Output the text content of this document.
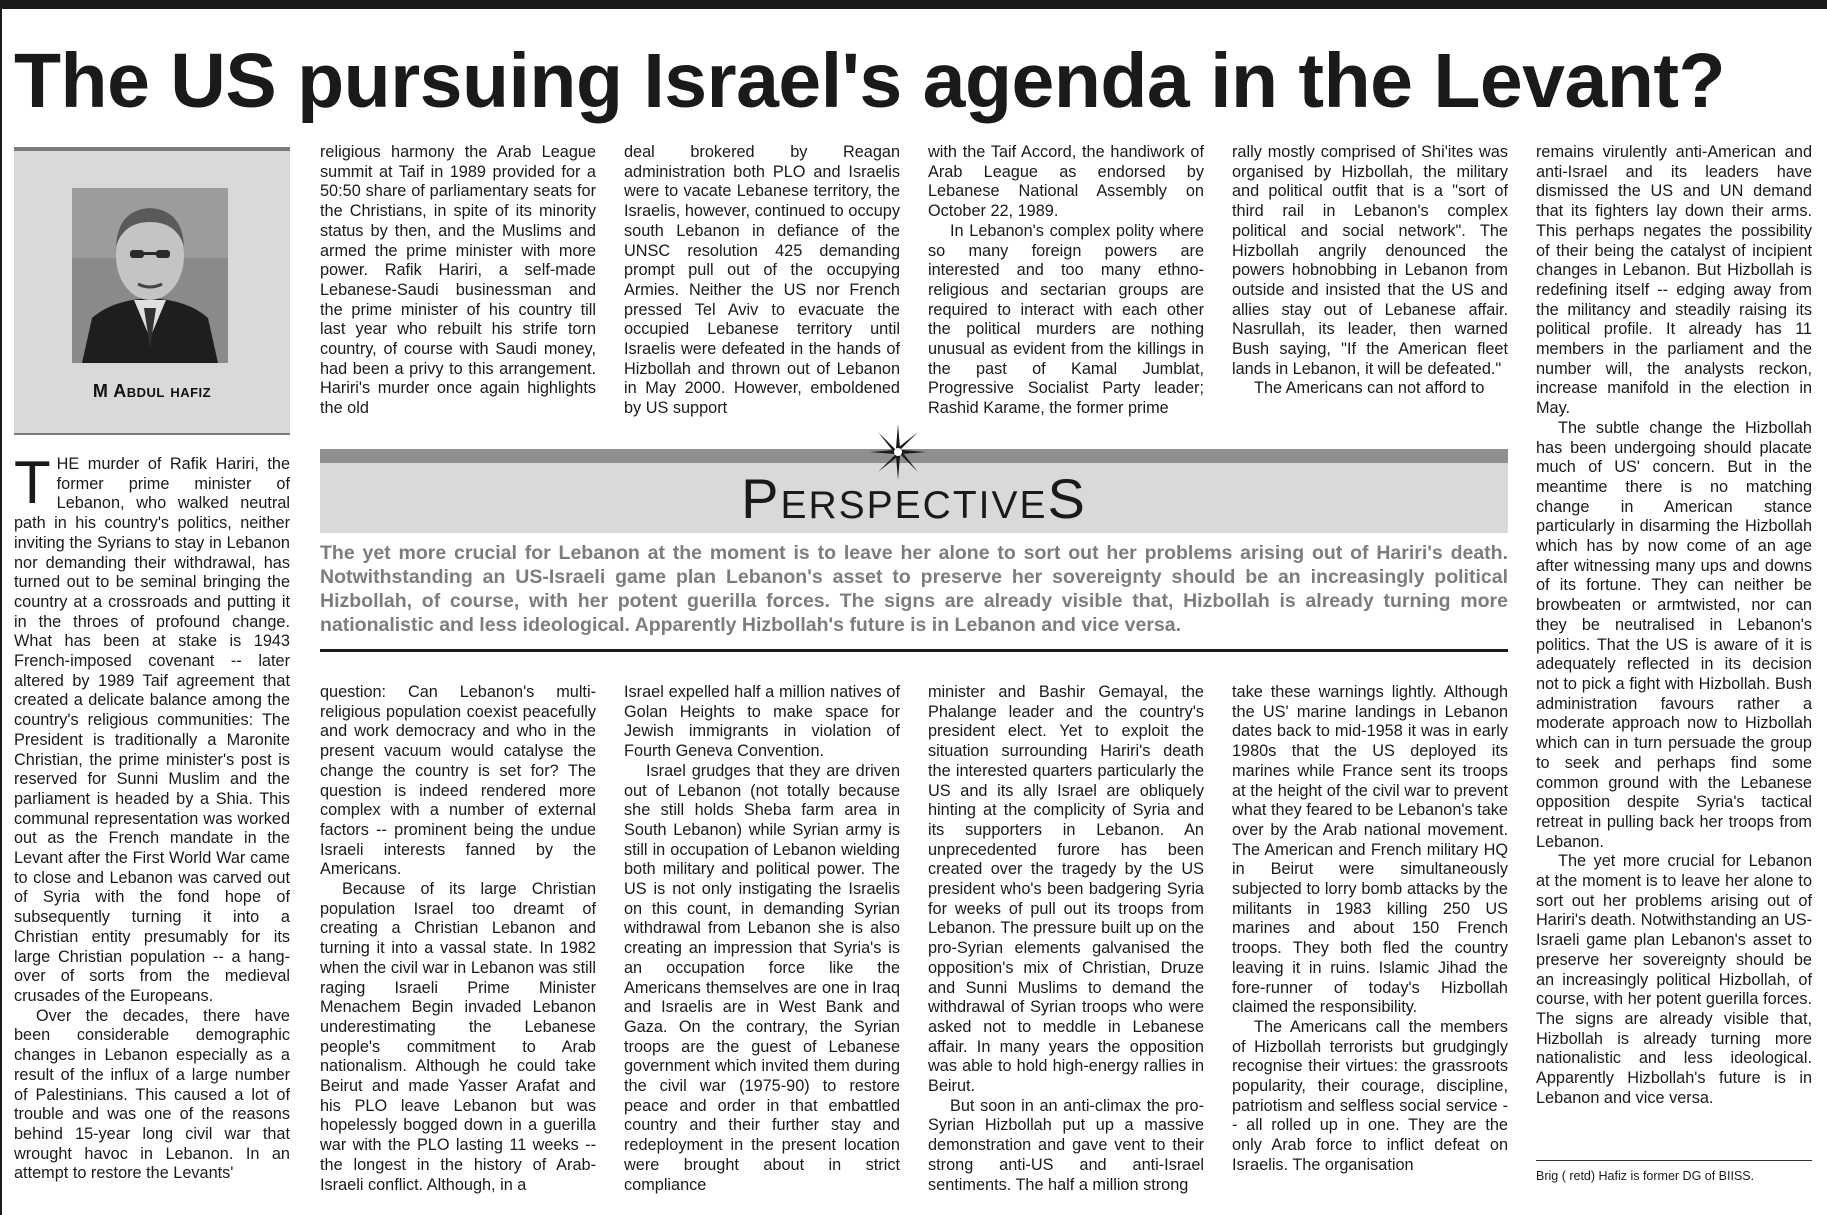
The US pursuing Israel's agenda in the Levant?
M Abdul hafiz

THE murder of Rafik Hariri, the former prime minister of Lebanon, who walked neutral path in his country's politics, neither inviting the Syrians to stay in Lebanon nor demanding their withdrawal, has turned out to be seminal bringing the country at a crossroads and putting it in the throes of profound change. What has been at stake is 1943 French-imposed covenant -- later altered by 1989 Taif agreement that created a delicate balance among the country's religious communities: The President is traditionally a Maronite Christian, the prime minister's post is reserved for Sunni Muslim and the parliament is headed by a Shia. This communal representation was worked out as the French mandate in the Levant after the First World War came to close and Lebanon was carved out of Syria with the fond hope of subsequently turning it into a Christian entity presumably for its large Christian population -- a hang-over of sorts from the medieval crusades of the Europeans.

Over the decades, there have been considerable demographic changes in Lebanon especially as a result of the influx of a large number of Palestinians. This caused a lot of trouble and was one of the reasons behind 15-year long civil war that wrought havoc in Lebanon. In an attempt to restore the Levants'

religious harmony the Arab League summit at Taif in 1989 provided for a 50:50 share of parliamentary seats for the Christians, in spite of its minority status by then, and the Muslims and armed the prime minister with more power. Rafik Hariri, a self-made Lebanese-Saudi businessman and the prime minister of his country till last year who rebuilt his strife torn country, of course with Saudi money, had been a privy to this arrangement. Hariri's murder once again highlights the old

deal brokered by Reagan administration both PLO and Israelis were to vacate Lebanese territory, the Israelis, however, continued to occupy south Lebanon in defiance of the UNSC resolution 425 demanding prompt pull out of the occupying Armies. Neither the US nor French pressed Tel Aviv to evacuate the occupied Lebanese territory until Israelis were defeated in the hands of Hizbollah and thrown out of Lebanon in May 2000. However, emboldened by US support

with the Taif Accord, the handiwork of Arab League as endorsed by Lebanese National Assembly on October 22, 1989.

In Lebanon's complex polity where so many foreign powers are interested and too many ethno-religious and sectarian groups are required to interact with each other the political murders are nothing unusual as evident from the killings in the past of Kamal Jumblat, Progressive Socialist Party leader; Rashid Karame, the former prime

rally mostly comprised of Shi'ites was organised by Hizbollah, the military and political outfit that is a "sort of third rail in Lebanon's complex political and social network". The Hizbollah angrily denounced the powers hobnobbing in Lebanon from outside and insisted that the US and allies stay out of Lebanese affair. Nasrullah, its leader, then warned Bush saying, "If the American fleet lands in Lebanon, it will be defeated."

The Americans can not afford to

remains virulently anti-American and anti-Israel and its leaders have dismissed the US and UN demand that its fighters lay down their arms. This perhaps negates the possibility of their being the catalyst of incipient changes in Lebanon. But Hizbollah is redefining itself -- edging away from the militancy and steadily raising its political profile. It already has 11 members in the parliament and the number will, the analysts reckon, increase manifold in the election in May.

The subtle change the Hizbollah has been undergoing should placate much of US' concern. But in the meantime there is no matching change in American stance particularly in disarming the Hizbollah which has by now come of an age after witnessing many ups and downs of its fortune. They can neither be browbeaten or armtwisted, nor can they be neutralised in Lebanon's politics. That the US is aware of it is adequately reflected in its decision not to pick a fight with Hizbollah. Bush administration favours rather a moderate approach now to Hizbollah which can in turn persuade the group to seek and perhaps find some common ground with the Lebanese opposition despite Syria's tactical retreat in pulling back her troops from Lebanon.

The yet more crucial for Lebanon at the moment is to leave her alone to sort out her problems arising out of Hariri's death. Notwithstanding an US-Israeli game plan Lebanon's asset to preserve her sovereignty should be an increasingly political Hizbollah, of course, with her potent guerilla forces. The signs are already visible that, Hizbollah is already turning more nationalistic and less ideological. Apparently Hizbollah's future is in Lebanon and vice versa.

PerspectiveS
The yet more crucial for Lebanon at the moment is to leave her alone to sort out her problems arising out of Hariri's death. Notwithstanding an US-Israeli game plan Lebanon's asset to preserve her sovereignty should be an increasingly political Hizbollah, of course, with her potent guerilla forces. The signs are already visible that, Hizbollah is already turning more nationalistic and less ideological. Apparently Hizbollah's future is in Lebanon and vice versa.

question: Can Lebanon's multi-religious population coexist peacefully and work democracy and who in the present vacuum would catalyse the change the country is set for? The question is indeed rendered more complex with a number of external factors -- prominent being the undue Israeli interests fanned by the Americans.

Because of its large Christian population Israel too dreamt of creating a Christian Lebanon and turning it into a vassal state. In 1982 when the civil war in Lebanon was still raging Israeli Prime Minister Menachem Begin invaded Lebanon underestimating the Lebanese people's commitment to Arab nationalism. Although he could take Beirut and made Yasser Arafat and his PLO leave Lebanon but was hopelessly bogged down in a guerilla war with the PLO lasting 11 weeks -- the longest in the history of Arab-Israeli conflict. Although, in a

Israel expelled half a million natives of Golan Heights to make space for Jewish immigrants in violation of Fourth Geneva Convention.

Israel grudges that they are driven out of Lebanon (not totally because she still holds Sheba farm area in South Lebanon) while Syrian army is still in occupation of Lebanon wielding both military and political power. The US is not only instigating the Israelis on this count, in demanding Syrian withdrawal from Lebanon she is also creating an impression that Syria's is an occupation force like the Americans themselves are one in Iraq and Israelis are in West Bank and Gaza. On the contrary, the Syrian troops are the guest of Lebanese government which invited them during the civil war (1975-90) to restore peace and order in that embattled country and their further stay and redeployment in the present location were brought about in strict compliance

minister and Bashir Gemayal, the Phalange leader and the country's president elect. Yet to exploit the situation surrounding Hariri's death the interested quarters particularly the US and its ally Israel are obliquely hinting at the complicity of Syria and its supporters in Lebanon. An unprecedented furore has been created over the tragedy by the US president who's been badgering Syria for weeks of pull out its troops from Lebanon. The pressure built up on the pro-Syrian elements galvanised the opposition's mix of Christian, Druze and Sunni Muslims to demand the withdrawal of Syrian troops who were asked not to meddle in Lebanese affair. In many years the opposition was able to hold high-energy rallies in Beirut.

But soon in an anti-climax the pro-Syrian Hizbollah put up a massive demonstration and gave vent to their strong anti-US and anti-Israel sentiments. The half a million strong

take these warnings lightly. Although the US' marine landings in Lebanon dates back to mid-1958 it was in early 1980s that the US deployed its marines while France sent its troops at the height of the civil war to prevent what they feared to be Lebanon's take over by the Arab national movement. The American and French military HQ in Beirut were simultaneously subjected to lorry bomb attacks by the militants in 1983 killing 250 US marines and about 150 French troops. They both fled the country leaving it in ruins. Islamic Jihad the fore-runner of today's Hizbollah claimed the responsibility.

The Americans call the members of Hizbollah terrorists but grudgingly recognise their virtues: the grassroots popularity, their courage, discipline, patriotism and selfless social service -- all rolled up in one. They are the only Arab force to inflict defeat on Israelis. The organisation

Brig ( retd) Hafiz is former DG of BIISS.
